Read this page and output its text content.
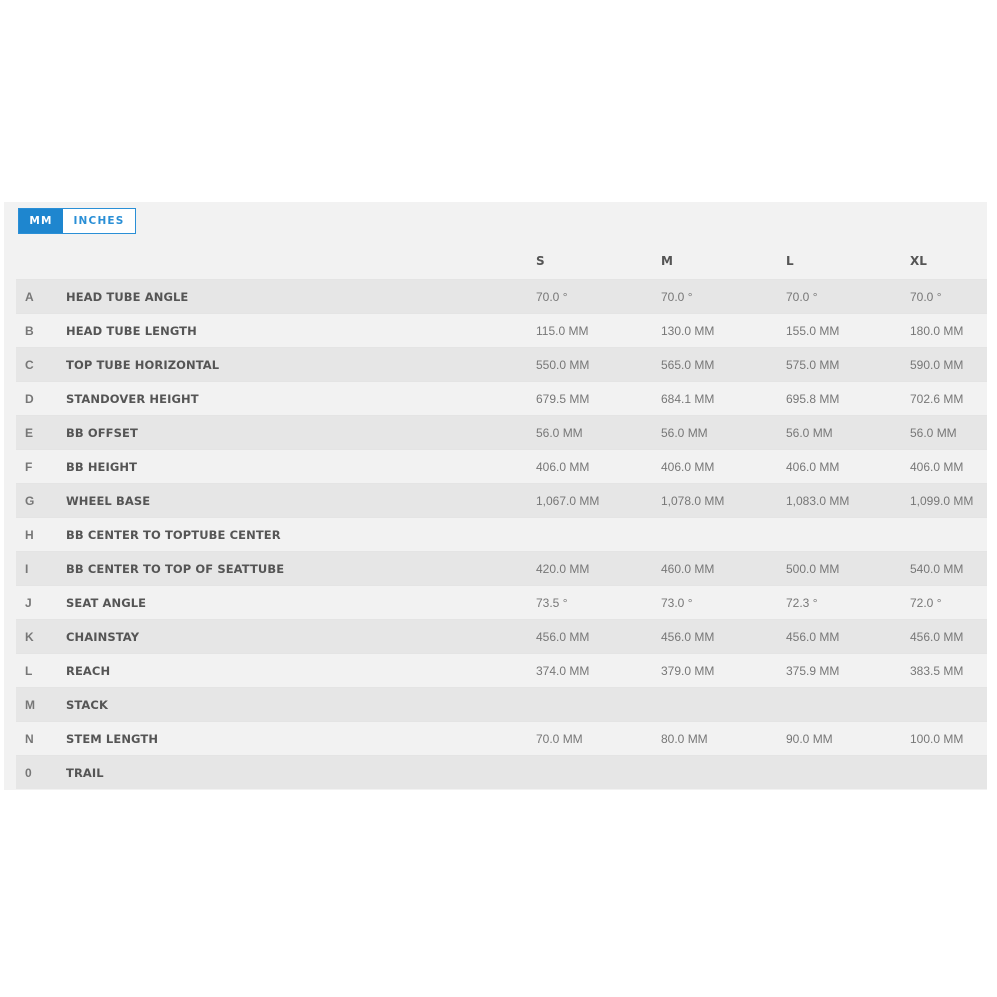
MM	INCHES
S	M	L	XL
A	HEAD TUBE ANGLE	70.0 °	70.0 °	70.0 °	70.0 °
B	HEAD TUBE LENGTH	115.0 MM	130.0 MM	155.0 MM	180.0 MM
C	TOP TUBE HORIZONTAL	550.0 MM	565.0 MM	575.0 MM	590.0 MM
D	STANDOVER HEIGHT	679.5 MM	684.1 MM	695.8 MM	702.6 MM
E	BB OFFSET	56.0 MM	56.0 MM	56.0 MM	56.0 MM
F	BB HEIGHT	406.0 MM	406.0 MM	406.0 MM	406.0 MM
G	WHEEL BASE	1,067.0 MM	1,078.0 MM	1,083.0 MM	1,099.0 MM
H	BB CENTER TO TOPTUBE CENTER
I	BB CENTER TO TOP OF SEATTUBE	420.0 MM	460.0 MM	500.0 MM	540.0 MM
J	SEAT ANGLE	73.5 °	73.0 °	72.3 °	72.0 °
K	CHAINSTAY	456.0 MM	456.0 MM	456.0 MM	456.0 MM
L	REACH	374.0 MM	379.0 MM	375.9 MM	383.5 MM
M	STACK
N	STEM LENGTH	70.0 MM	80.0 MM	90.0 MM	100.0 MM
0	TRAIL
